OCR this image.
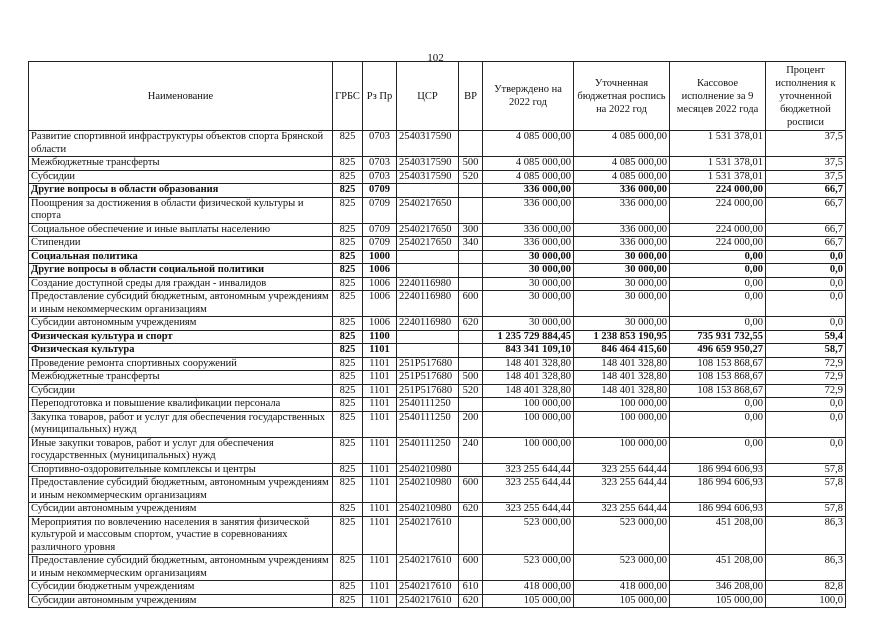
102
Наименование	ГРБС	Рз Пр	ЦСР	ВР	Утверждено на 2022 год	Уточненная бюджетная роспись на 2022 год	Кассовое исполнение за 9 месяцев 2022 года	Процент исполнения к уточненной бюджетной росписи
Развитие спортивной инфраструктуры объектов спорта Брянской области	825	0703	2540317590		4 085 000,00	4 085 000,00	1 531 378,01	37,5
Межбюджетные трансферты	825	0703	2540317590	500	4 085 000,00	4 085 000,00	1 531 378,01	37,5
Субсидии	825	0703	2540317590	520	4 085 000,00	4 085 000,00	1 531 378,01	37,5
Другие вопросы в области образования	825	0709			336 000,00	336 000,00	224 000,00	66,7
Поощрения за достижения в области физической культуры и спорта	825	0709	2540217650		336 000,00	336 000,00	224 000,00	66,7
Социальное обеспечение и иные выплаты населению	825	0709	2540217650	300	336 000,00	336 000,00	224 000,00	66,7
Стипендии	825	0709	2540217650	340	336 000,00	336 000,00	224 000,00	66,7
Социальная политика	825	1000			30 000,00	30 000,00	0,00	0,0
Другие вопросы в области социальной политики	825	1006			30 000,00	30 000,00	0,00	0,0
Создание доступной среды для граждан - инвалидов	825	1006	2240116980		30 000,00	30 000,00	0,00	0,0
Предоставление субсидий бюджетным, автономным учреждениям и иным некоммерческим организациям	825	1006	2240116980	600	30 000,00	30 000,00	0,00	0,0
Субсидии автономным учреждениям	825	1006	2240116980	620	30 000,00	30 000,00	0,00	0,0
Физическая культура и спорт	825	1100			1 235 729 884,45	1 238 853 190,95	735 931 732,55	59,4
Физическая культура	825	1101			843 341 109,10	846 464 415,60	496 659 950,27	58,7
Проведение ремонта спортивных сооружений	825	1101	251P517680		148 401 328,80	148 401 328,80	108 153 868,67	72,9
Межбюджетные трансферты	825	1101	251P517680	500	148 401 328,80	148 401 328,80	108 153 868,67	72,9
Субсидии	825	1101	251P517680	520	148 401 328,80	148 401 328,80	108 153 868,67	72,9
Переподготовка и повышение квалификации персонала	825	1101	2540111250		100 000,00	100 000,00	0,00	0,0
Закупка товаров, работ и услуг для обеспечения государственных (муниципальных) нужд	825	1101	2540111250	200	100 000,00	100 000,00	0,00	0,0
Иные закупки товаров, работ и услуг для обеспечения государственных (муниципальных) нужд	825	1101	2540111250	240	100 000,00	100 000,00	0,00	0,0
Спортивно-оздоровительные комплексы и центры	825	1101	2540210980		323 255 644,44	323 255 644,44	186 994 606,93	57,8
Предоставление субсидий бюджетным, автономным учреждениям и иным некоммерческим организациям	825	1101	2540210980	600	323 255 644,44	323 255 644,44	186 994 606,93	57,8
Субсидии автономным учреждениям	825	1101	2540210980	620	323 255 644,44	323 255 644,44	186 994 606,93	57,8
Мероприятия по вовлечению населения в занятия физической культурой и массовым спортом, участие в соревнованиях различного уровня	825	1101	2540217610		523 000,00	523 000,00	451 208,00	86,3
Предоставление субсидий бюджетным, автономным учреждениям и иным некоммерческим организациям	825	1101	2540217610	600	523 000,00	523 000,00	451 208,00	86,3
Субсидии бюджетным учреждениям	825	1101	2540217610	610	418 000,00	418 000,00	346 208,00	82,8
Субсидии автономным учреждениям	825	1101	2540217610	620	105 000,00	105 000,00	105 000,00	100,0
